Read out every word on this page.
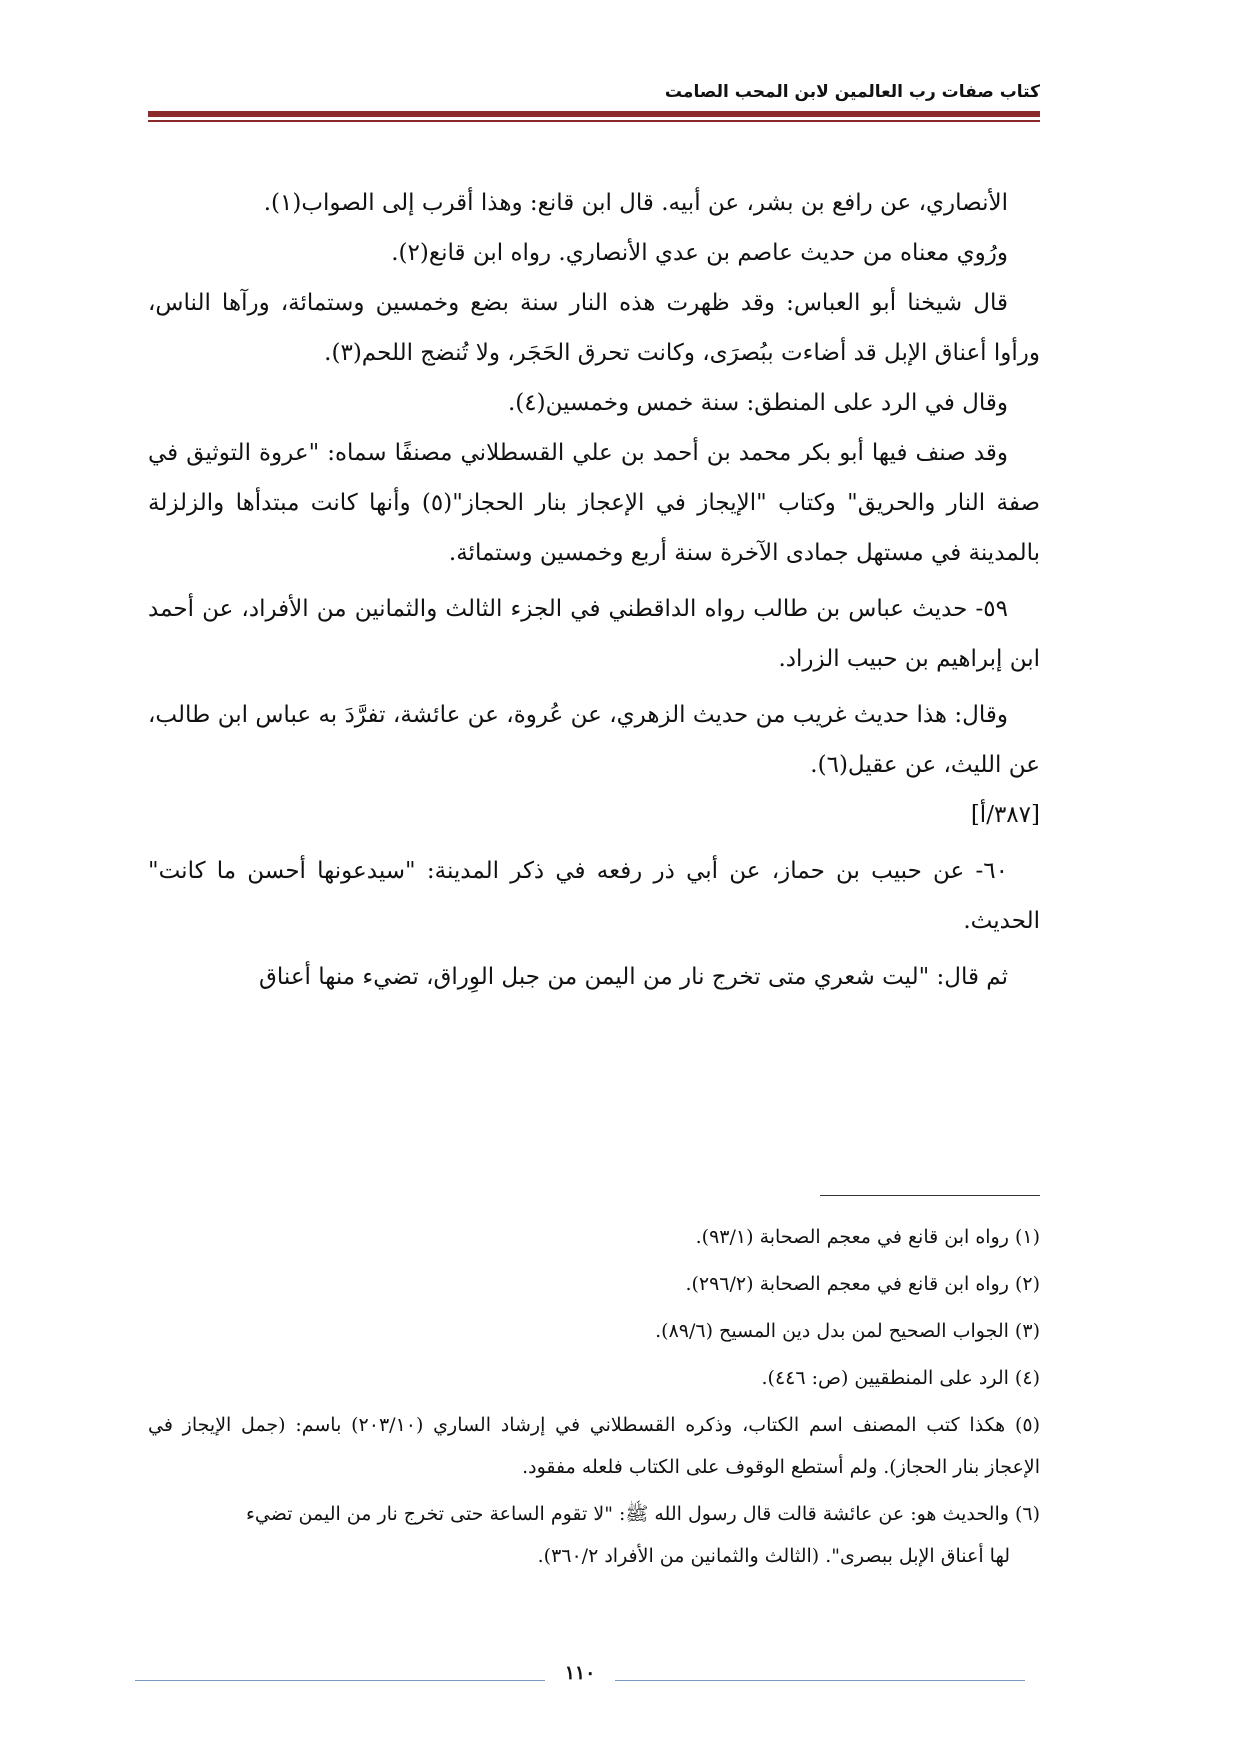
كتاب صفات رب العالمين لابن المحب الصامت

الأنصاري، عن رافع بن بشر، عن أبيه. قال ابن قانع: وهذا أقرب إلى الصواب(١).

ورُوي معناه من حديث عاصم بن عدي الأنصاري. رواه ابن قانع(٢).

قال شيخنا أبو العباس: وقد ظهرت هذه النار سنة بضع وخمسين وستمائة، ورآها الناس، ورأوا أعناق الإبل قد أضاءت ببُصرَى، وكانت تحرق الحَجَر، ولا تُنضج اللحم(٣).

وقال في الرد على المنطق: سنة خمس وخمسين(٤).

وقد صنف فيها أبو بكر محمد بن أحمد بن علي القسطلاني مصنفًا سماه: "عروة التوثيق في صفة النار والحريق" وكتاب "الإيجاز في الإعجاز بنار الحجاز"(٥) وأنها كانت مبتدأها والزلزلة بالمدينة في مستهل جمادى الآخرة سنة أربع وخمسين وستمائة.

٥٩- حديث عباس بن طالب رواه الداقطني في الجزء الثالث والثمانين من الأفراد، عن أحمد ابن إبراهيم بن حبيب الزراد.

وقال: هذا حديث غريب من حديث الزهري، عن عُروة، عن عائشة، تفرَّدَ به عباس ابن طالب، عن الليث، عن عقيل(٦).

[٣٨٧/أ]

٦٠- عن حبيب بن حماز، عن أبي ذر رفعه في ذكر المدينة: "سيدعونها أحسن ما كانت" الحديث.

ثم قال: "ليت شعري متى تخرج نار من اليمن من جبل الوِراق، تضيء منها أعناق

(١) رواه ابن قانع في معجم الصحابة (٩٣/١).

(٢) رواه ابن قانع في معجم الصحابة (٢٩٦/٢).

(٣) الجواب الصحيح لمن بدل دين المسيح (٨٩/٦).

(٤) الرد على المنطقيين (ص: ٤٤٦).

(٥) هكذا كتب المصنف اسم الكتاب، وذكره القسطلاني في إرشاد الساري (٢٠٣/١٠) باسم: (جمل الإيجاز في الإعجاز بنار الحجاز). ولم أستطع الوقوف على الكتاب فلعله مفقود.

(٦) والحديث هو: عن عائشة قالت قال رسول الله ﷺ: "لا تقوم الساعة حتى تخرج نار من اليمن تضيء

لها أعناق الإبل ببصرى". (الثالث والثمانين من الأفراد ٣٦٠/٢).

١١٠
